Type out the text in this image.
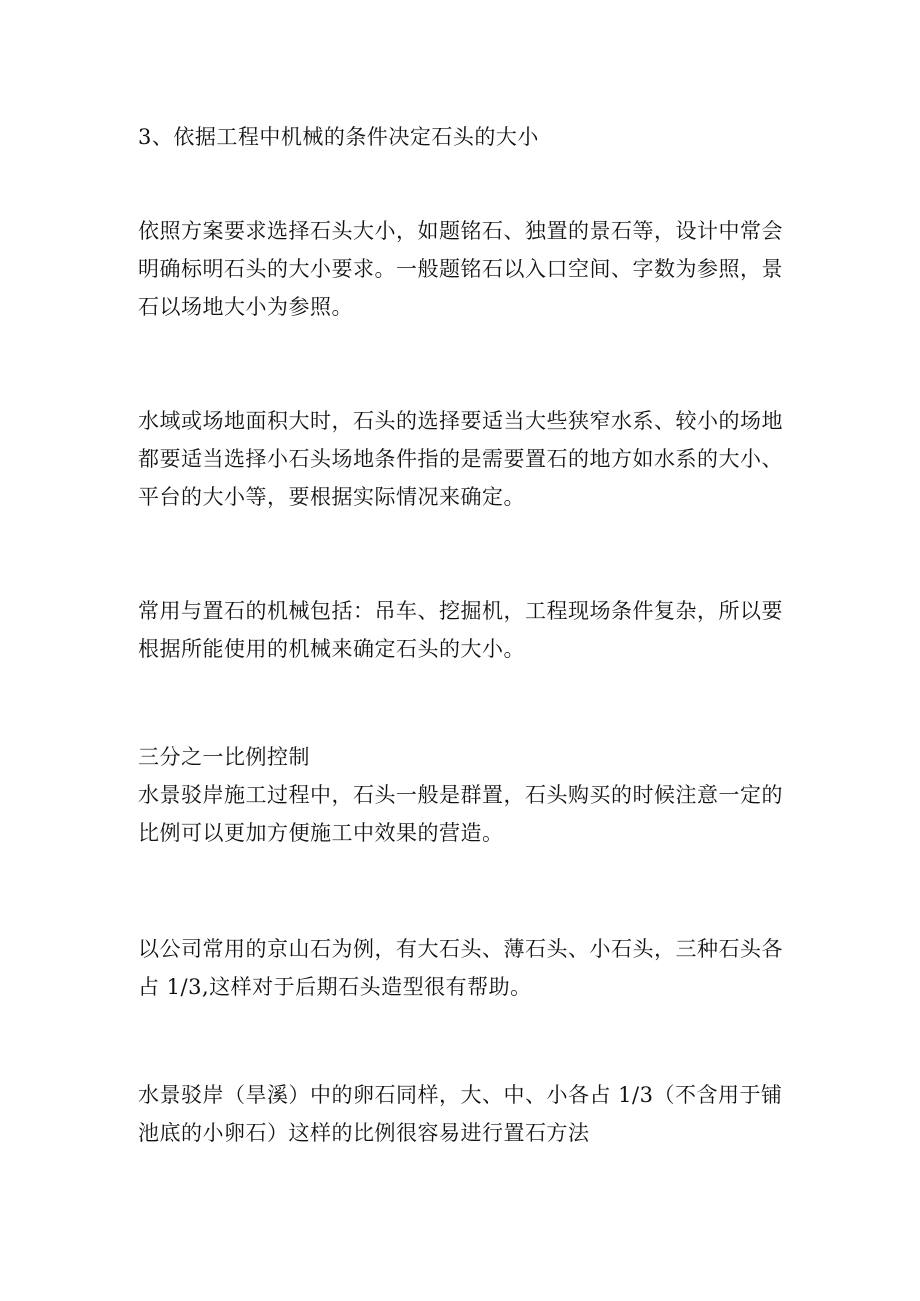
3、依据工程中机械的条件决定石头的大小

依照方案要求选择石头大小，如题铭石、独置的景石等，设计中常会
明确标明石头的大小要求。一般题铭石以入口空间、字数为参照，景
石以场地大小为参照。

水域或场地面积大时，石头的选择要适当大些狭窄水系、较小的场地
都要适当选择小石头场地条件指的是需要置石的地方如水系的大小、
平台的大小等，要根据实际情况来确定。

常用与置石的机械包括：吊车、挖掘机，工程现场条件复杂，所以要
根据所能使用的机械来确定石头的大小。

三分之一比例控制
水景驳岸施工过程中，石头一般是群置，石头购买的时候注意一定的
比例可以更加方便施工中效果的营造。

以公司常用的京山石为例，有大石头、薄石头、小石头，三种石头各
占 1/3,这样对于后期石头造型很有帮助。

水景驳岸（旱溪）中的卵石同样，大、中、小各占 1/3（不含用于铺
池底的小卵石）这样的比例很容易进行置石方法
